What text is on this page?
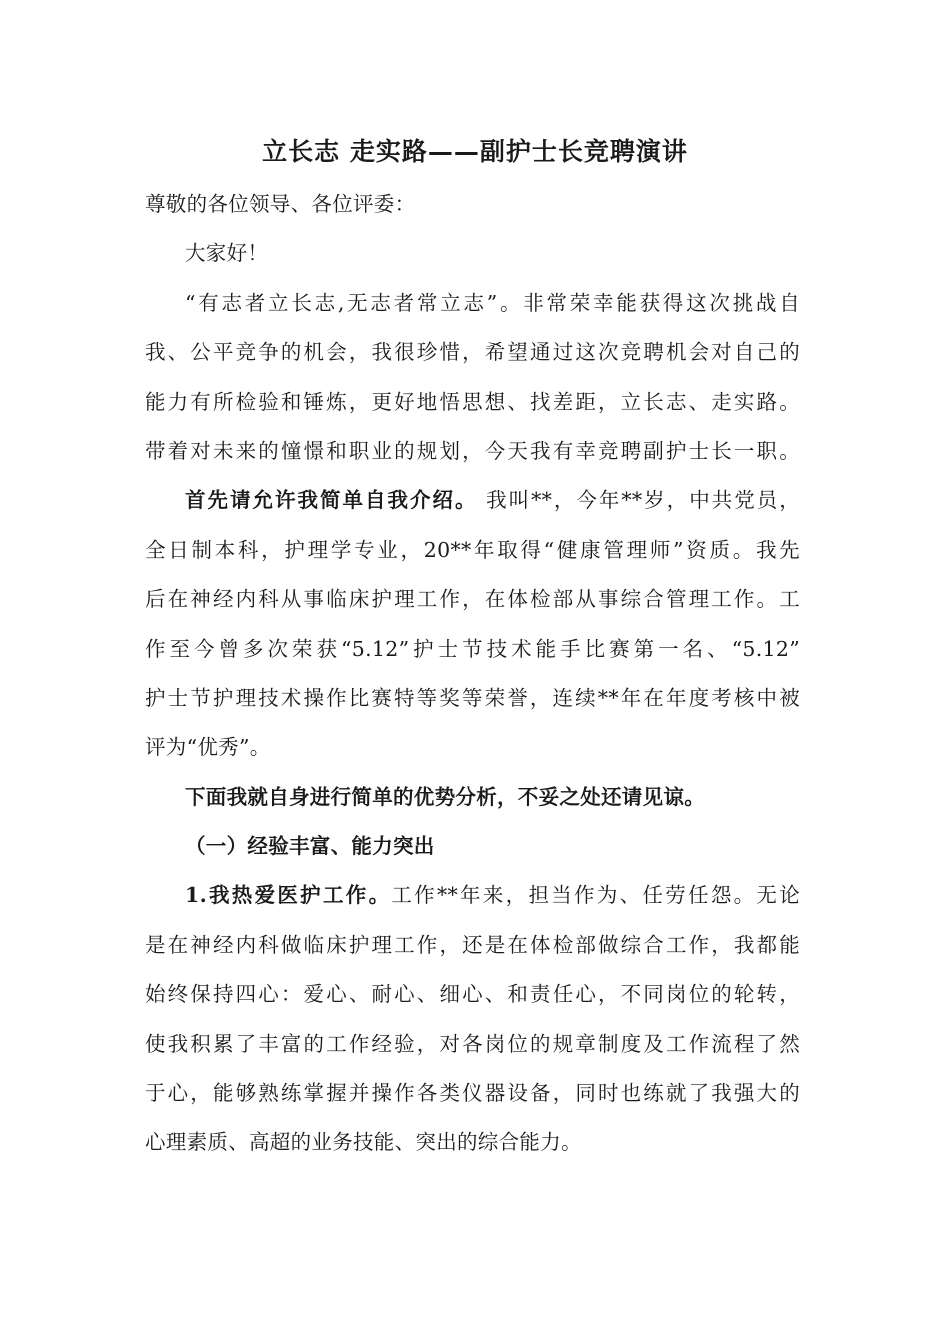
立长志 走实路——副护士长竞聘演讲
尊敬的各位领导、各位评委：
大家好！
“有志者立长志,无志者常立志”。非常荣幸能获得这次挑战自
我、公平竞争的机会，我很珍惜，希望通过这次竞聘机会对自己的
能力有所检验和锤炼，更好地悟思想、找差距，立长志、走实路。
带着对未来的憧憬和职业的规划，今天我有幸竞聘副护士长一职。
首先请允许我简单自我介绍。 我叫**，今年**岁，中共党员，
全日制本科，护理学专业，20**年取得“健康管理师”资质。我先
后在神经内科从事临床护理工作，在体检部从事综合管理工作。工
作至今曾多次荣获“5.12”护士节技术能手比赛第一名、“5.12”
护士节护理技术操作比赛特等奖等荣誉，连续**年在年度考核中被
评为“优秀”。
下面我就自身进行简单的优势分析，不妥之处还请见谅。
（一）经验丰富、能力突出
1.我热爱医护工作。工作**年来，担当作为、任劳任怨。无论
是在神经内科做临床护理工作，还是在体检部做综合工作，我都能
始终保持四心：爱心、耐心、细心、和责任心，不同岗位的轮转，
使我积累了丰富的工作经验，对各岗位的规章制度及工作流程了然
于心，能够熟练掌握并操作各类仪器设备，同时也练就了我强大的
心理素质、高超的业务技能、突出的综合能力。
